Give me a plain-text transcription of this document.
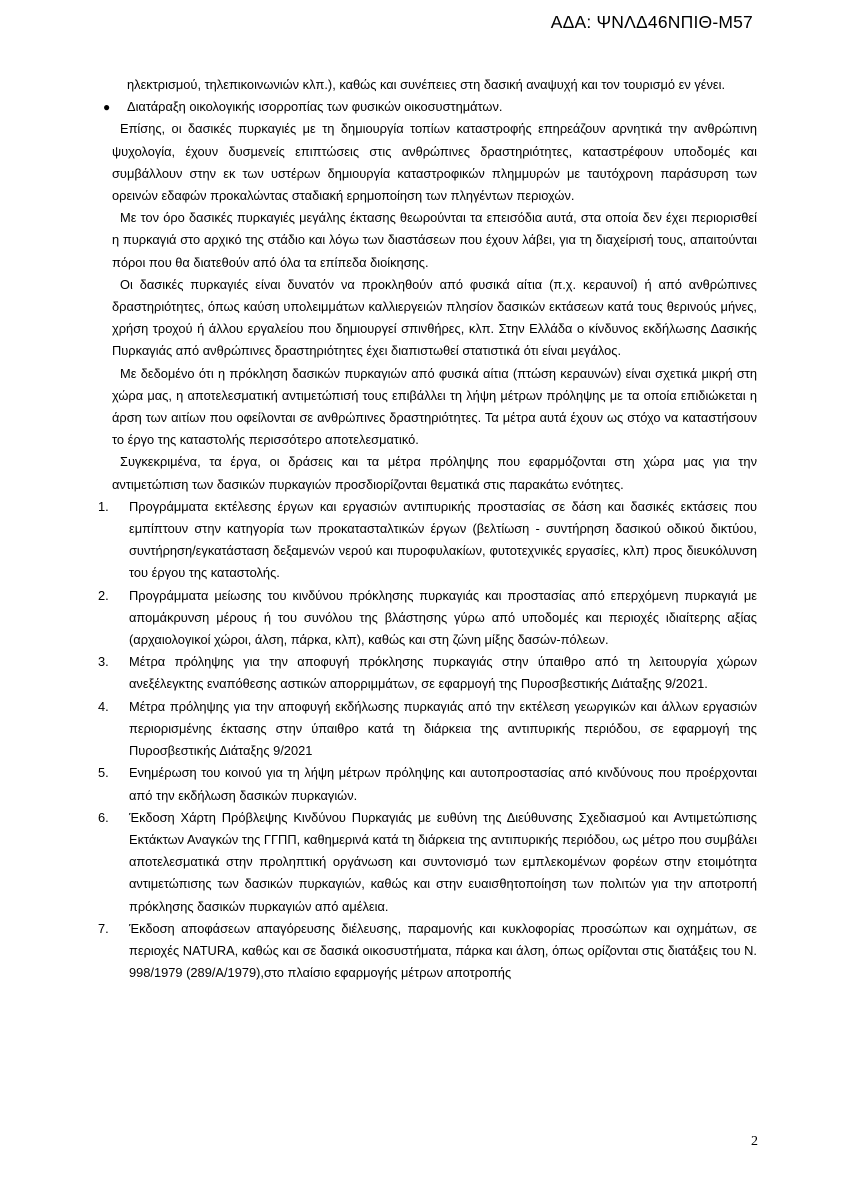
ΑΔΑ: ΨΝΛΔ46ΝΠΙΘ-Μ57

ηλεκτρισμού, τηλεπικοινωνιών κλπ.), καθώς και συνέπειες στη δασική αναψυχή και τον τουρισμό εν γένει.

● Διατάραξη οικολογικής ισορροπίας των φυσικών οικοσυστημάτων.

Επίσης, οι δασικές πυρκαγιές με τη δημιουργία τοπίων καταστροφής επηρεάζουν αρνητικά την ανθρώπινη ψυχολογία, έχουν δυσμενείς επιπτώσεις στις ανθρώπινες δραστηριότητες, καταστρέφουν υποδομές και συμβάλλουν στην εκ των υστέρων δημιουργία καταστροφικών πλημμυρών με ταυτόχρονη παράσυρση των ορεινών εδαφών προκαλώντας σταδιακή ερημοποίηση των πληγέντων περιοχών.

Με τον όρο δασικές πυρκαγιές μεγάλης έκτασης θεωρούνται τα επεισόδια αυτά, στα οποία δεν έχει περιορισθεί η πυρκαγιά στο αρχικό της στάδιο και λόγω των διαστάσεων που έχουν λάβει, για τη διαχείρισή τους, απαιτούνται πόροι που θα διατεθούν από όλα τα επίπεδα διοίκησης.

Οι δασικές πυρκαγιές είναι δυνατόν να προκληθούν από φυσικά αίτια (π.χ. κεραυνοί) ή από ανθρώπινες δραστηριότητες, όπως καύση υπολειμμάτων καλλιεργειών πλησίον δασικών εκτάσεων κατά τους θερινούς μήνες, χρήση τροχού ή άλλου εργαλείου που δημιουργεί σπινθήρες, κλπ. Στην Ελλάδα ο κίνδυνος εκδήλωσης Δασικής Πυρκαγιάς από ανθρώπινες δραστηριότητες έχει διαπιστωθεί στατιστικά ότι είναι μεγάλος.

Με δεδομένο ότι η πρόκληση δασικών πυρκαγιών από φυσικά αίτια (πτώση κεραυνών) είναι σχετικά μικρή στη χώρα μας, η αποτελεσματική αντιμετώπισή τους επιβάλλει τη λήψη μέτρων πρόληψης με τα οποία επιδιώκεται η άρση των αιτίων που οφείλονται σε ανθρώπινες δραστηριότητες. Τα μέτρα αυτά έχουν ως στόχο να καταστήσουν το έργο της καταστολής περισσότερο αποτελεσματικό.

Συγκεκριμένα, τα έργα, οι δράσεις και τα μέτρα πρόληψης που εφαρμόζονται στη χώρα μας για την αντιμετώπιση των δασικών πυρκαγιών προσδιορίζονται θεματικά στις παρακάτω ενότητες.

1. Προγράμματα εκτέλεσης έργων και εργασιών αντιπυρικής προστασίας σε δάση και δασικές εκτάσεις που εμπίπτουν στην κατηγορία των προκατασταλτικών έργων (βελτίωση - συντήρηση δασικού οδικού δικτύου, συντήρηση/εγκατάσταση δεξαμενών νερού και πυροφυλακίων, φυτοτεχνικές εργασίες, κλπ) προς διευκόλυνση του έργου της καταστολής.
2. Προγράμματα μείωσης του κινδύνου πρόκλησης πυρκαγιάς και προστασίας από επερχόμενη πυρκαγιά με απομάκρυνση μέρους ή του συνόλου της βλάστησης γύρω από υποδομές και περιοχές ιδιαίτερης αξίας (αρχαιολογικοί χώροι, άλση, πάρκα, κλπ), καθώς και στη ζώνη μίξης δασών-πόλεων.
3. Μέτρα πρόληψης για την αποφυγή πρόκλησης πυρκαγιάς στην ύπαιθρο από τη λειτουργία χώρων ανεξέλεγκτης εναπόθεσης αστικών απορριμμάτων, σε εφαρμογή της Πυροσβεστικής Διάταξης 9/2021.
4. Μέτρα πρόληψης για την αποφυγή εκδήλωσης πυρκαγιάς από την εκτέλεση γεωργικών και άλλων εργασιών περιορισμένης έκτασης στην ύπαιθρο κατά τη διάρκεια της αντιπυρικής περιόδου, σε εφαρμογή της Πυροσβεστικής Διάταξης 9/2021
5. Ενημέρωση του κοινού για τη λήψη μέτρων πρόληψης και αυτοπροστασίας από κινδύνους που προέρχονται από την εκδήλωση δασικών πυρκαγιών.
6. Έκδοση Χάρτη Πρόβλεψης Κινδύνου Πυρκαγιάς με ευθύνη της Διεύθυνσης Σχεδιασμού και Αντιμετώπισης Εκτάκτων Αναγκών της ΓΓΠΠ, καθημερινά κατά τη διάρκεια της αντιπυρικής περιόδου, ως μέτρο που συμβάλει αποτελεσματικά στην προληπτική οργάνωση και συντονισμό των εμπλεκομένων φορέων στην ετοιμότητα αντιμετώπισης των δασικών πυρκαγιών, καθώς και στην ευαισθητοποίηση των πολιτών για την αποτροπή πρόκλησης δασικών πυρκαγιών από αμέλεια.
7. Έκδοση αποφάσεων απαγόρευσης διέλευσης, παραμονής και κυκλοφορίας προσώπων και οχημάτων, σε περιοχές NATURA, καθώς και σε δασικά οικοσυστήματα, πάρκα και άλση, όπως ορίζονται στις διατάξεις του Ν. 998/1979 (289/Α/1979),στο πλαίσιο εφαρμογής μέτρων αποτροπής
2
